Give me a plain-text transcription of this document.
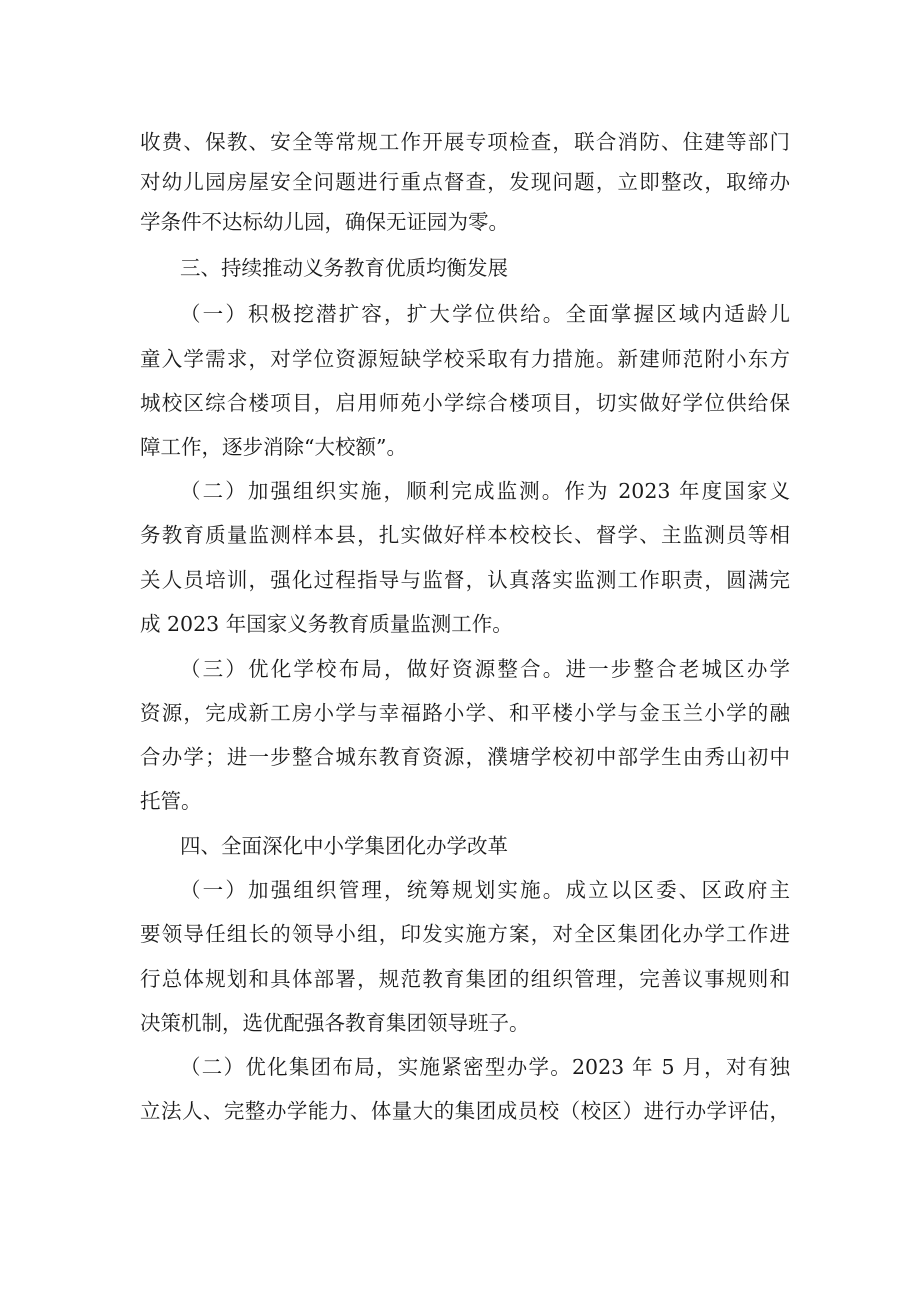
收费、保教、安全等常规工作开展专项检查，联合消防、住建等部门
对幼儿园房屋安全问题进行重点督查，发现问题，立即整改，取缔办
学条件不达标幼儿园，确保无证园为零。
三、持续推动义务教育优质均衡发展
（一）积极挖潜扩容，扩大学位供给。全面掌握区域内适龄儿
童入学需求，对学位资源短缺学校采取有力措施。新建师范附小东方
城校区综合楼项目，启用师苑小学综合楼项目，切实做好学位供给保
障工作，逐步消除“大校额”。
（二）加强组织实施，顺利完成监测。作为 2023 年度国家义
务教育质量监测样本县，扎实做好样本校校长、督学、主监测员等相
关人员培训，强化过程指导与监督，认真落实监测工作职责，圆满完
成 2023 年国家义务教育质量监测工作。
（三）优化学校布局，做好资源整合。进一步整合老城区办学
资源，完成新工房小学与幸福路小学、和平楼小学与金玉兰小学的融
合办学；进一步整合城东教育资源，濮塘学校初中部学生由秀山初中
托管。
四、全面深化中小学集团化办学改革
（一）加强组织管理，统筹规划实施。成立以区委、区政府主
要领导任组长的领导小组，印发实施方案，对全区集团化办学工作进
行总体规划和具体部署，规范教育集团的组织管理，完善议事规则和
决策机制，选优配强各教育集团领导班子。
（二）优化集团布局，实施紧密型办学。2023 年 5 月，对有独
立法人、完整办学能力、体量大的集团成员校（校区）进行办学评估，
